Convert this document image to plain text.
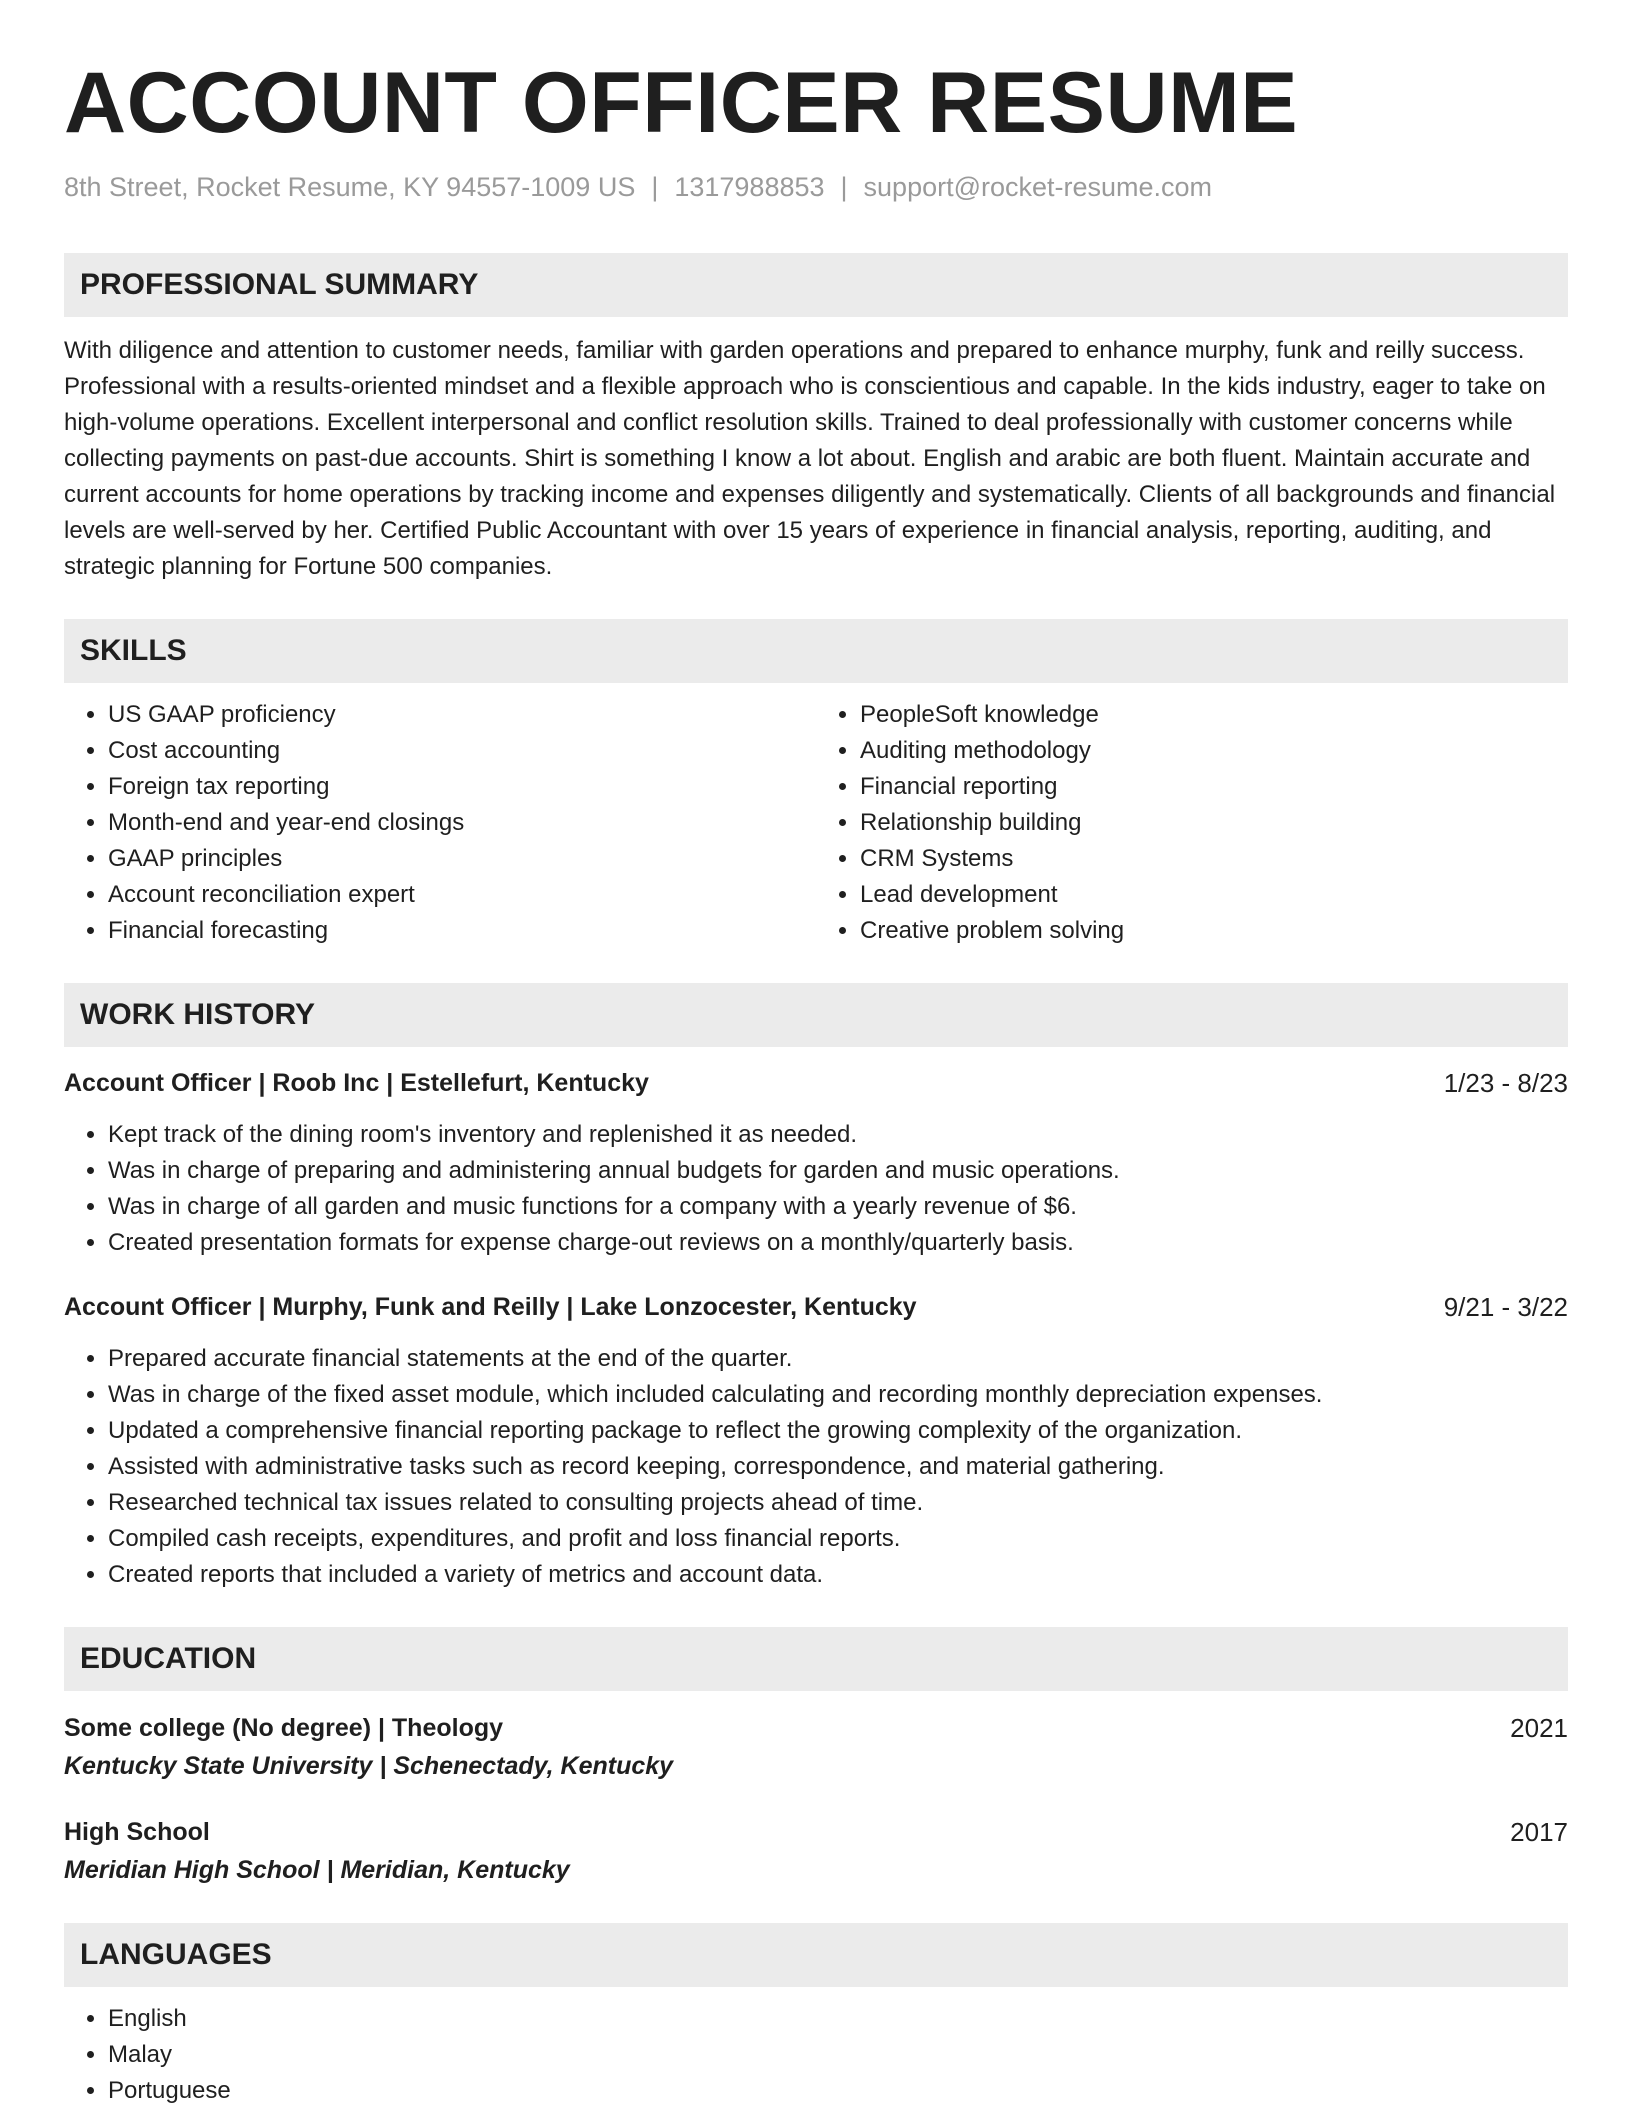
ACCOUNT OFFICER RESUME
8th Street, Rocket Resume, KY 94557-1009 US | 1317988853 | support@rocket-resume.com
PROFESSIONAL SUMMARY
With diligence and attention to customer needs, familiar with garden operations and prepared to enhance murphy, funk and reilly success. Professional with a results-oriented mindset and a flexible approach who is conscientious and capable. In the kids industry, eager to take on high-volume operations. Excellent interpersonal and conflict resolution skills. Trained to deal professionally with customer concerns while collecting payments on past-due accounts. Shirt is something I know a lot about. English and arabic are both fluent. Maintain accurate and current accounts for home operations by tracking income and expenses diligently and systematically. Clients of all backgrounds and financial levels are well-served by her. Certified Public Accountant with over 15 years of experience in financial analysis, reporting, auditing, and strategic planning for Fortune 500 companies.
SKILLS
• US GAAP proficiency
• Cost accounting
• Foreign tax reporting
• Month-end and year-end closings
• GAAP principles
• Account reconciliation expert
• Financial forecasting
• PeopleSoft knowledge
• Auditing methodology
• Financial reporting
• Relationship building
• CRM Systems
• Lead development
• Creative problem solving
WORK HISTORY
Account Officer | Roob Inc | Estellefurt, Kentucky	1/23 - 8/23
• Kept track of the dining room's inventory and replenished it as needed.
• Was in charge of preparing and administering annual budgets for garden and music operations.
• Was in charge of all garden and music functions for a company with a yearly revenue of $6.
• Created presentation formats for expense charge-out reviews on a monthly/quarterly basis.
Account Officer | Murphy, Funk and Reilly | Lake Lonzocester, Kentucky	9/21 - 3/22
• Prepared accurate financial statements at the end of the quarter.
• Was in charge of the fixed asset module, which included calculating and recording monthly depreciation expenses.
• Updated a comprehensive financial reporting package to reflect the growing complexity of the organization.
• Assisted with administrative tasks such as record keeping, correspondence, and material gathering.
• Researched technical tax issues related to consulting projects ahead of time.
• Compiled cash receipts, expenditures, and profit and loss financial reports.
• Created reports that included a variety of metrics and account data.
EDUCATION
Some college (No degree) | Theology	2021
Kentucky State University | Schenectady, Kentucky
High School	2017
Meridian High School | Meridian, Kentucky
LANGUAGES
• English
• Malay
• Portuguese
